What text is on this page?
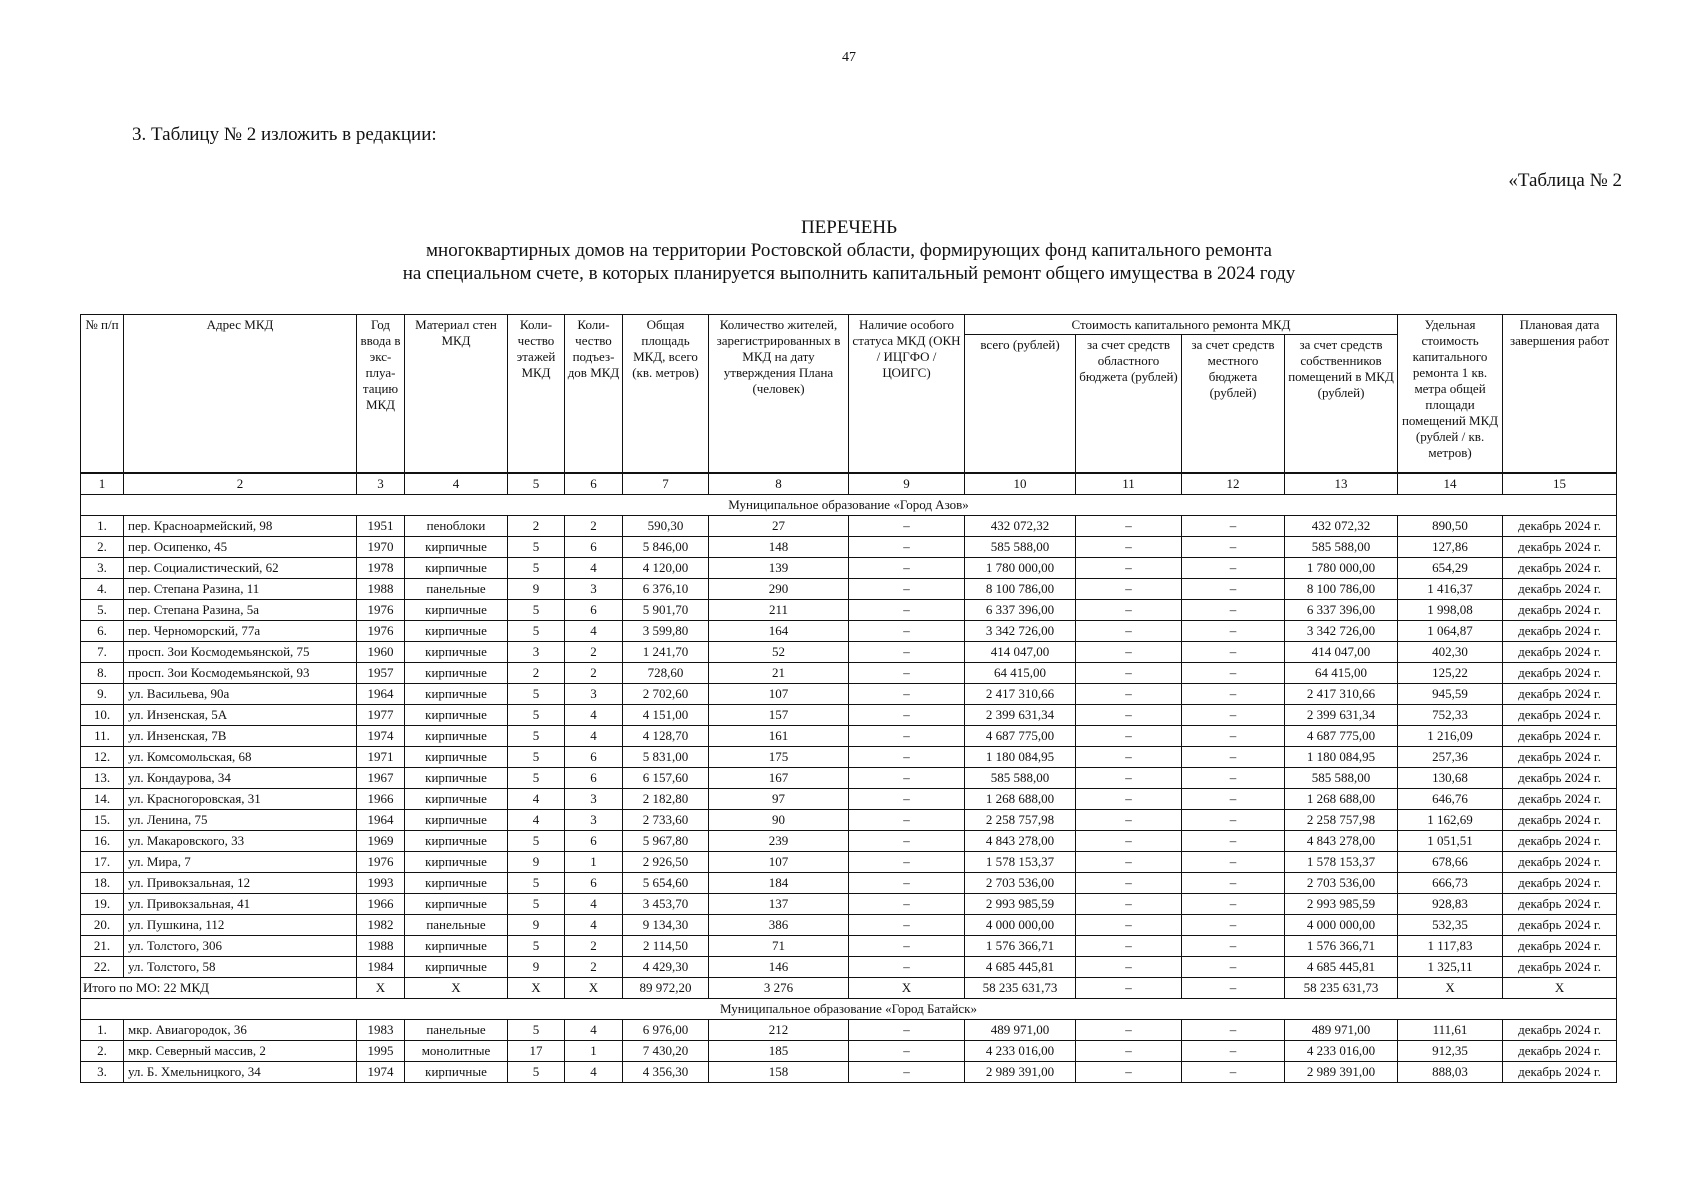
47
3. Таблицу № 2 изложить в редакции:
«Таблица № 2
ПЕРЕЧЕНЬ
многоквартирных домов на территории Ростовской области, формирующих фонд капитального ремонта
на специальном счете, в которых планируется выполнить капитальный ремонт общего имущества в 2024 году
№ п/п	Адрес МКД	Год ввода в экс-плуа-тацию МКД	Материал стен МКД	Коли-чество этажей МКД	Коли-чество подъез-дов МКД	Общая площадь МКД, всего (кв. метров)	Количество жителей, зарегистрированных в МКД на дату утверждения Плана (человек)	Наличие особого статуса МКД (ОКН / ИЦГФО / ЦОИГС)	Стоимость капитального ремонта МКД				Удельная стоимость капитального ремонта 1 кв. метра общей площади помещений МКД (рублей / кв. метров)	Плановая дата завершения работ
									всего (рублей)	за счет средств областного бюджета (рублей)	за счет средств местного бюджета (рублей)	за счет средств собственников помещений в МКД (рублей)		
1	2	3	4	5	6	7	8	9	10	11	12	13	14	15
Муниципальное образование «Город Азов»														
1.	пер. Красноармейский, 98	1951	пеноблоки	2	2	590,30	27	–	432 072,32	–	–	432 072,32	890,50	декабрь 2024 г.
2.	пер. Осипенко, 45	1970	кирпичные	5	6	5 846,00	148	–	585 588,00	–	–	585 588,00	127,86	декабрь 2024 г.
3.	пер. Социалистический, 62	1978	кирпичные	5	4	4 120,00	139	–	1 780 000,00	–	–	1 780 000,00	654,29	декабрь 2024 г.
4.	пер. Степана Разина, 11	1988	панельные	9	3	6 376,10	290	–	8 100 786,00	–	–	8 100 786,00	1 416,37	декабрь 2024 г.
5.	пер. Степана Разина, 5а	1976	кирпичные	5	6	5 901,70	211	–	6 337 396,00	–	–	6 337 396,00	1 998,08	декабрь 2024 г.
6.	пер. Черноморский, 77а	1976	кирпичные	5	4	3 599,80	164	–	3 342 726,00	–	–	3 342 726,00	1 064,87	декабрь 2024 г.
7.	просп. Зои Космодемьянской, 75	1960	кирпичные	3	2	1 241,70	52	–	414 047,00	–	–	414 047,00	402,30	декабрь 2024 г.
8.	просп. Зои Космодемьянской, 93	1957	кирпичные	2	2	728,60	21	–	64 415,00	–	–	64 415,00	125,22	декабрь 2024 г.
9.	ул. Васильева, 90а	1964	кирпичные	5	3	2 702,60	107	–	2 417 310,66	–	–	2 417 310,66	945,59	декабрь 2024 г.
10.	ул. Инзенская, 5А	1977	кирпичные	5	4	4 151,00	157	–	2 399 631,34	–	–	2 399 631,34	752,33	декабрь 2024 г.
11.	ул. Инзенская, 7В	1974	кирпичные	5	4	4 128,70	161	–	4 687 775,00	–	–	4 687 775,00	1 216,09	декабрь 2024 г.
12.	ул. Комсомольская, 68	1971	кирпичные	5	6	5 831,00	175	–	1 180 084,95	–	–	1 180 084,95	257,36	декабрь 2024 г.
13.	ул. Кондаурова, 34	1967	кирпичные	5	6	6 157,60	167	–	585 588,00	–	–	585 588,00	130,68	декабрь 2024 г.
14.	ул. Красногоровская, 31	1966	кирпичные	4	3	2 182,80	97	–	1 268 688,00	–	–	1 268 688,00	646,76	декабрь 2024 г.
15.	ул. Ленина, 75	1964	кирпичные	4	3	2 733,60	90	–	2 258 757,98	–	–	2 258 757,98	1 162,69	декабрь 2024 г.
16.	ул. Макаровского, 33	1969	кирпичные	5	6	5 967,80	239	–	4 843 278,00	–	–	4 843 278,00	1 051,51	декабрь 2024 г.
17.	ул. Мира, 7	1976	кирпичные	9	1	2 926,50	107	–	1 578 153,37	–	–	1 578 153,37	678,66	декабрь 2024 г.
18.	ул. Привокзальная, 12	1993	кирпичные	5	6	5 654,60	184	–	2 703 536,00	–	–	2 703 536,00	666,73	декабрь 2024 г.
19.	ул. Привокзальная, 41	1966	кирпичные	5	4	3 453,70	137	–	2 993 985,59	–	–	2 993 985,59	928,83	декабрь 2024 г.
20.	ул. Пушкина, 112	1982	панельные	9	4	9 134,30	386	–	4 000 000,00	–	–	4 000 000,00	532,35	декабрь 2024 г.
21.	ул. Толстого, 306	1988	кирпичные	5	2	2 114,50	71	–	1 576 366,71	–	–	1 576 366,71	1 117,83	декабрь 2024 г.
22.	ул. Толстого, 58	1984	кирпичные	9	2	4 429,30	146	–	4 685 445,81	–	–	4 685 445,81	1 325,11	декабрь 2024 г.
Итого по МО: 22 МКД		X	X	X	X	89 972,20	3 276	X	58 235 631,73	–	–	58 235 631,73	X	X
Муниципальное образование «Город Батайск»														
1.	мкр. Авиагородок, 36	1983	панельные	5	4	6 976,00	212	–	489 971,00	–	–	489 971,00	111,61	декабрь 2024 г.
2.	мкр. Северный массив, 2	1995	монолитные	17	1	7 430,20	185	–	4 233 016,00	–	–	4 233 016,00	912,35	декабрь 2024 г.
3.	ул. Б. Хмельницкого, 34	1974	кирпичные	5	4	4 356,30	158	–	2 989 391,00	–	–	2 989 391,00	888,03	декабрь 2024 г.
